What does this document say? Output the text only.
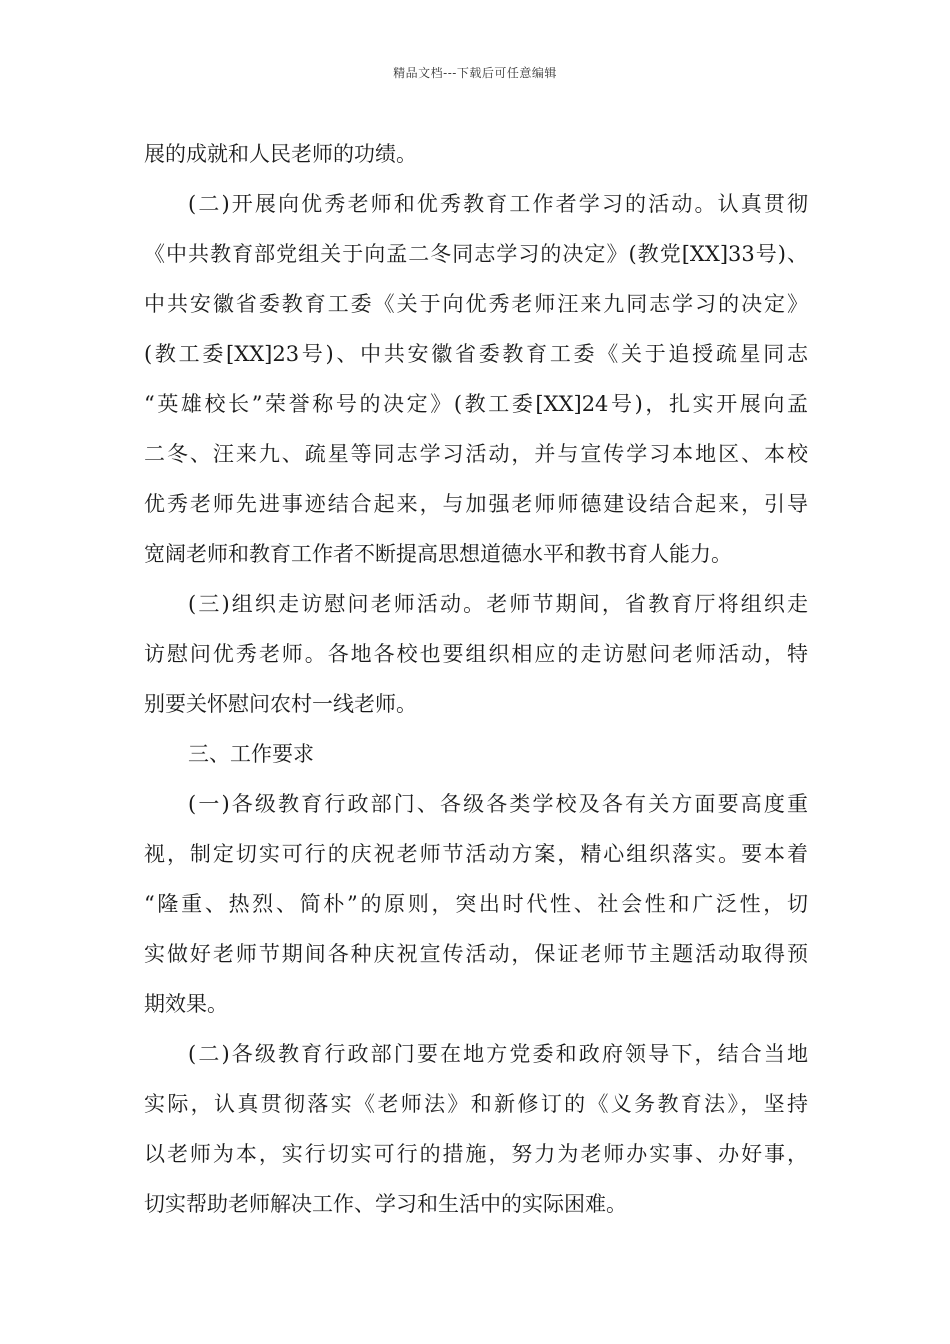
精品文档---下载后可任意编辑
展的成就和人民老师的功绩。
(二)开展向优秀老师和优秀教育工作者学习的活动。认真贯彻
《中共教育部党组关于向孟二冬同志学习的决定》(教党[XX]33号)、
中共安徽省委教育工委《关于向优秀老师汪来九同志学习的决定》
(教工委[XX]23号)、中共安徽省委教育工委《关于追授疏星同志
“英雄校长”荣誉称号的决定》(教工委[XX]24号)，扎实开展向孟
二冬、汪来九、疏星等同志学习活动，并与宣传学习本地区、本校
优秀老师先进事迹结合起来，与加强老师师德建设结合起来，引导
宽阔老师和教育工作者不断提高思想道德水平和教书育人能力。
(三)组织走访慰问老师活动。老师节期间，省教育厅将组织走
访慰问优秀老师。各地各校也要组织相应的走访慰问老师活动，特
别要关怀慰问农村一线老师。
三、工作要求
(一)各级教育行政部门、各级各类学校及各有关方面要高度重
视，制定切实可行的庆祝老师节活动方案，精心组织落实。要本着
“隆重、热烈、简朴”的原则，突出时代性、社会性和广泛性，切
实做好老师节期间各种庆祝宣传活动，保证老师节主题活动取得预
期效果。
(二)各级教育行政部门要在地方党委和政府领导下，结合当地
实际，认真贯彻落实《老师法》和新修订的《义务教育法》，坚持
以老师为本，实行切实可行的措施，努力为老师办实事、办好事，
切实帮助老师解决工作、学习和生活中的实际困难。
